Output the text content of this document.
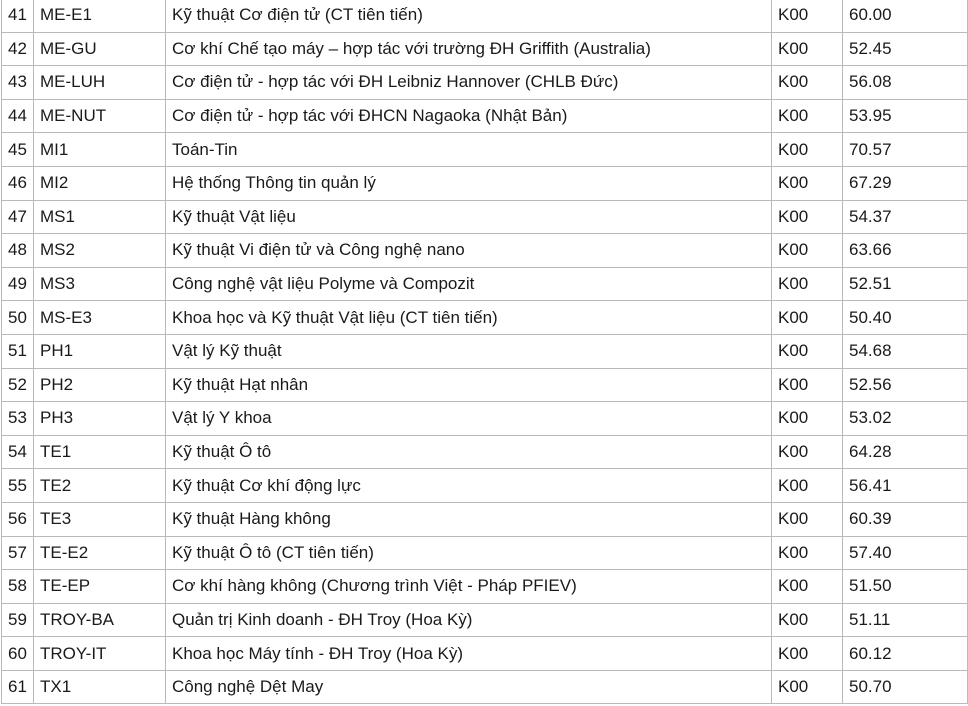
41	ME-E1	Kỹ thuật Cơ điện tử (CT tiên tiến)	K00	60.00
42	ME-GU	Cơ khí Chế tạo máy – hợp tác với trường ĐH Griffith (Australia)	K00	52.45
43	ME-LUH	Cơ điện tử - hợp tác với ĐH Leibniz Hannover (CHLB Đức)	K00	56.08
44	ME-NUT	Cơ điện tử - hợp tác với ĐHCN Nagaoka (Nhật Bản)	K00	53.95
45	MI1	Toán-Tin	K00	70.57
46	MI2	Hệ thống Thông tin quản lý	K00	67.29
47	MS1	Kỹ thuật Vật liệu	K00	54.37
48	MS2	Kỹ thuật Vi điện tử và Công nghệ nano	K00	63.66
49	MS3	Công nghệ vật liệu Polyme và Compozit	K00	52.51
50	MS-E3	Khoa học và Kỹ thuật Vật liệu (CT tiên tiến)	K00	50.40
51	PH1	Vật lý Kỹ thuật	K00	54.68
52	PH2	Kỹ thuật Hạt nhân	K00	52.56
53	PH3	Vật lý Y khoa	K00	53.02
54	TE1	Kỹ thuật Ô tô	K00	64.28
55	TE2	Kỹ thuật Cơ khí động lực	K00	56.41
56	TE3	Kỹ thuật Hàng không	K00	60.39
57	TE-E2	Kỹ thuật Ô tô (CT tiên tiến)	K00	57.40
58	TE-EP	Cơ khí hàng không (Chương trình Việt - Pháp PFIEV)	K00	51.50
59	TROY-BA	Quản trị Kinh doanh - ĐH Troy (Hoa Kỳ)	K00	51.11
60	TROY-IT	Khoa học Máy tính - ĐH Troy (Hoa Kỳ)	K00	60.12
61	TX1	Công nghệ Dệt May	K00	50.70
